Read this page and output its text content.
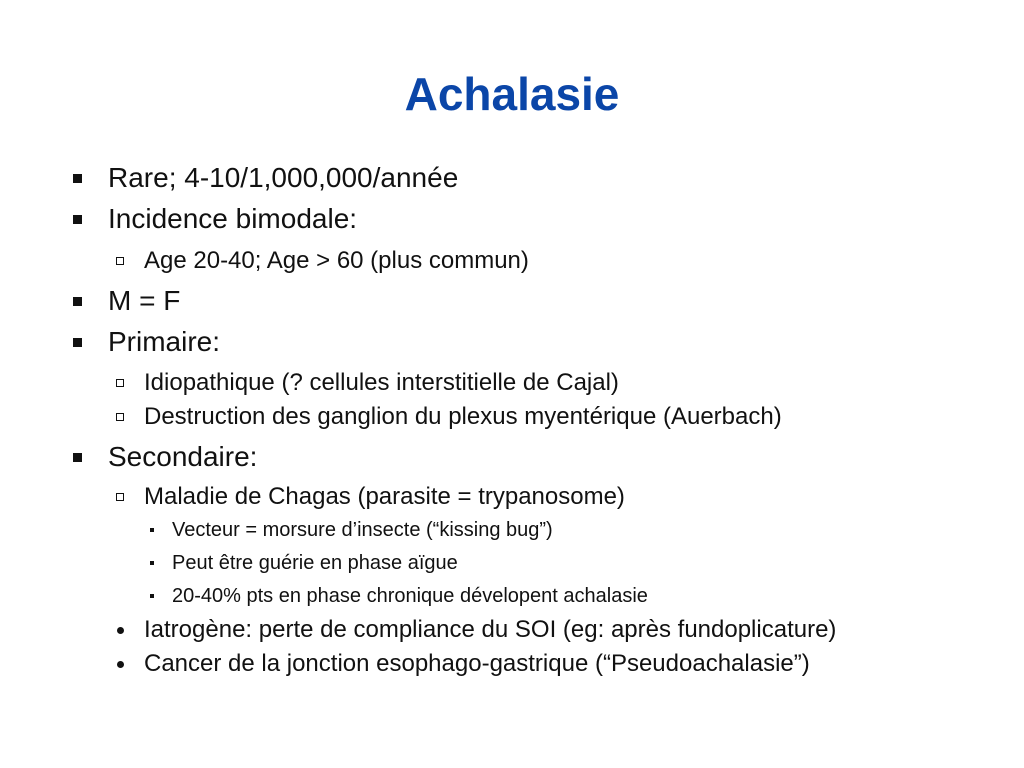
Achalasie
Rare; 4-10/1,000,000/année
Incidence bimodale:
Age 20-40; Age > 60 (plus commun)
M = F
Primaire:
Idiopathique (? cellules interstitielle de Cajal)
Destruction des ganglion du plexus myentérique (Auerbach)
Secondaire:
Maladie de Chagas (parasite = trypanosome)
Vecteur = morsure d’insecte (“kissing bug”)
Peut être guérie en phase aïgue
20-40% pts en phase chronique dévelopent achalasie
Iatrogène: perte de compliance du SOI (eg: après fundoplicature)
Cancer de la jonction esophago-gastrique (“Pseudoachalasie”)
